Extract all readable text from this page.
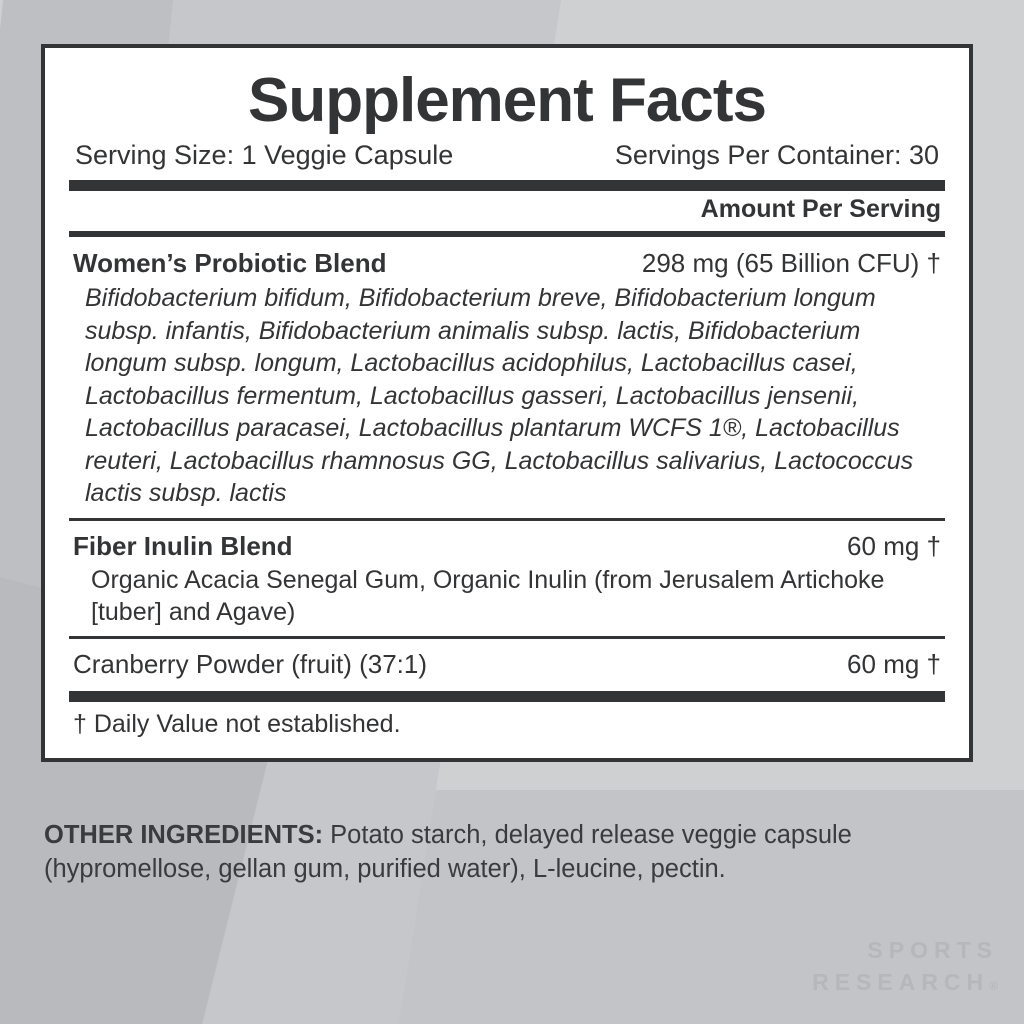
Supplement Facts
Serving Size: 1 Veggie Capsule	Servings Per Container: 30
Amount Per Serving
Women’s Probiotic Blend	298 mg (65 Billion CFU) †
Bifidobacterium bifidum, Bifidobacterium breve, Bifidobacterium longum subsp. infantis, Bifidobacterium animalis subsp. lactis, Bifidobacterium longum subsp. longum, Lactobacillus acidophilus, Lactobacillus casei, Lactobacillus fermentum, Lactobacillus gasseri, Lactobacillus jensenii, Lactobacillus paracasei, Lactobacillus plantarum WCFS 1®, Lactobacillus reuteri, Lactobacillus rhamnosus GG, Lactobacillus salivarius, Lactococcus lactis subsp. lactis
Fiber Inulin Blend	60 mg †
Organic Acacia Senegal Gum, Organic Inulin (from Jerusalem Artichoke [tuber] and Agave)
Cranberry Powder (fruit) (37:1)	60 mg †
† Daily Value not established.
OTHER INGREDIENTS: Potato starch, delayed release veggie capsule (hypromellose, gellan gum, purified water), L-leucine, pectin.
SPORTS
RESEARCH®
